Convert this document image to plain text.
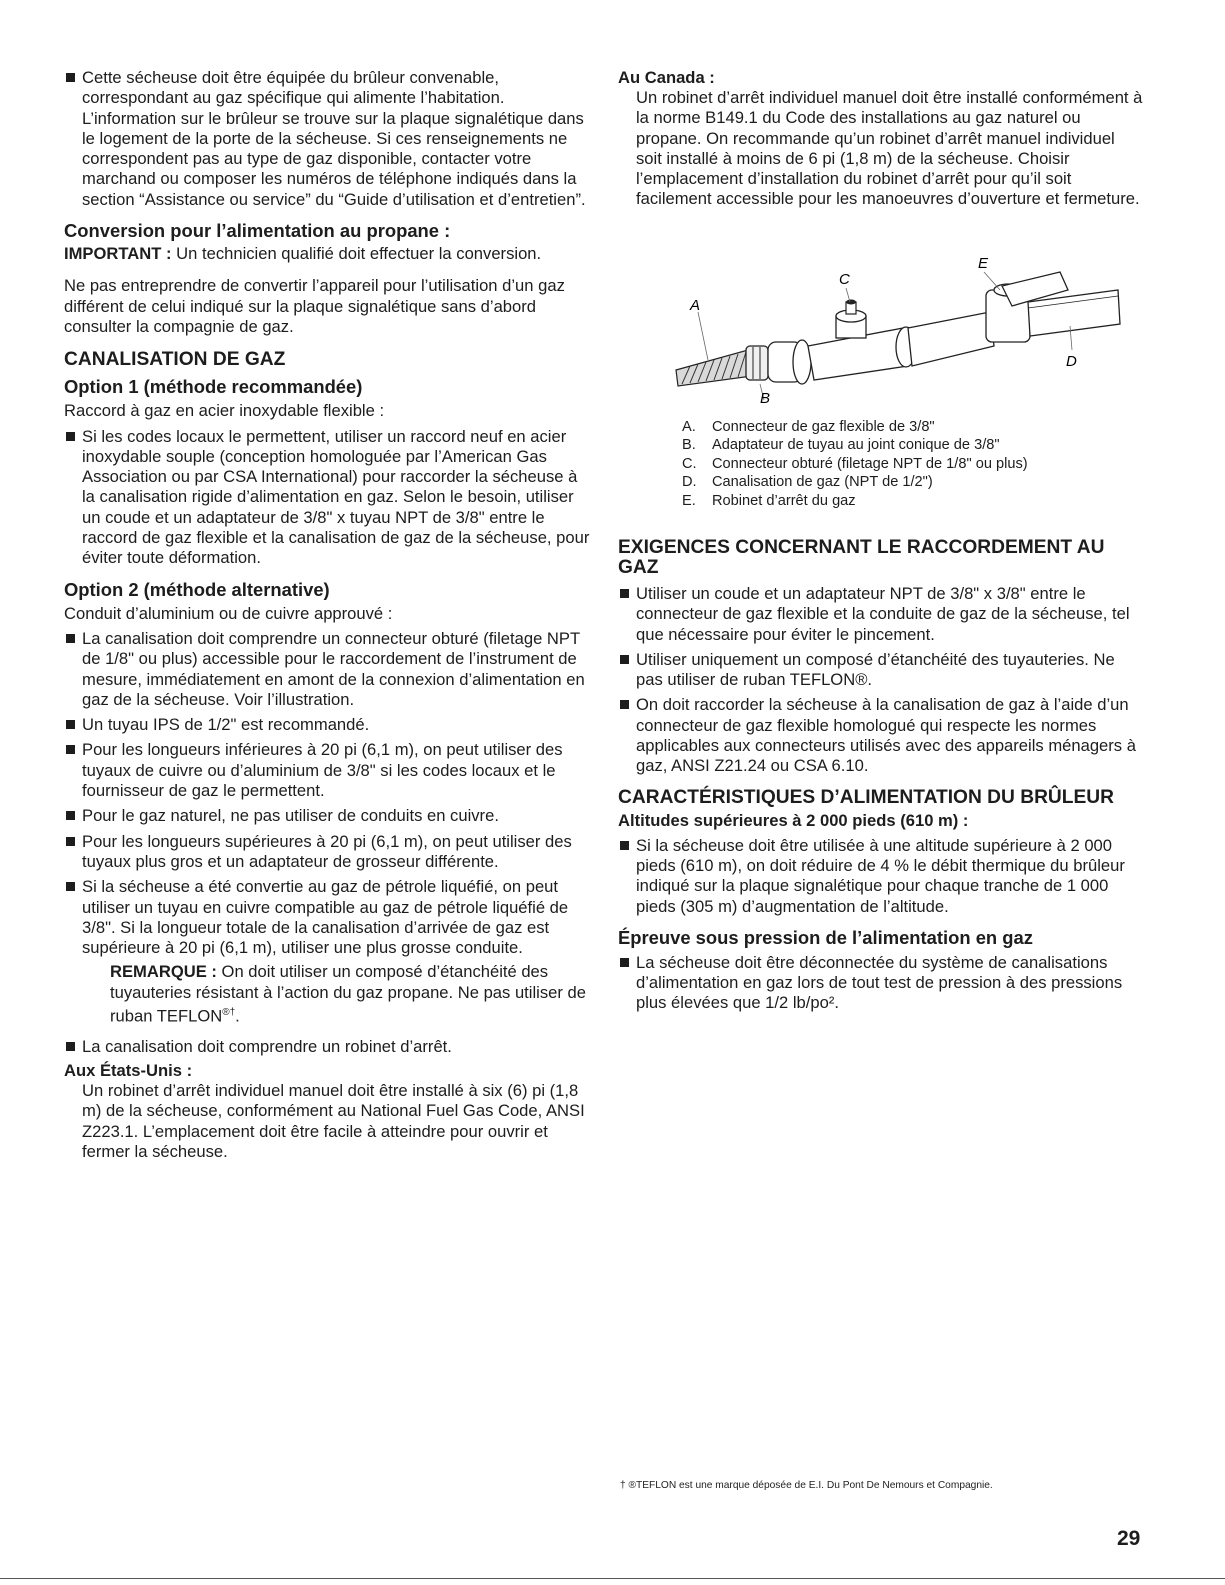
Cette sécheuse doit être équipée du brûleur convenable, correspondant au gaz spécifique qui alimente l’habitation. L’information sur le brûleur se trouve sur la plaque signalétique dans le logement de la porte de la sécheuse. Si ces renseignements ne correspondent pas au type de gaz disponible, contacter votre marchand ou composer les numéros de téléphone indiqués dans la section “Assistance ou service” du “Guide d’utilisation et d’entretien”.
Conversion pour l’alimentation au propane :

IMPORTANT : Un technicien qualifié doit effectuer la conversion.

Ne pas entreprendre de convertir l’appareil pour l’utilisation d’un gaz différent de celui indiqué sur la plaque signalétique sans d’abord consulter la compagnie de gaz.

CANALISATION DE GAZ
Option 1 (méthode recommandée)

Raccord à gaz en acier inoxydable flexible :

Si les codes locaux le permettent, utiliser un raccord neuf en acier inoxydable souple (conception homologuée par l’American Gas Association ou par CSA International) pour raccorder la sécheuse à la canalisation rigide d’alimentation en gaz. Selon le besoin, utiliser un coude et un adaptateur de 3/8" x tuyau NPT de 3/8" entre le raccord de gaz flexible et la canalisation de gaz de la sécheuse, pour éviter toute déformation.
Option 2 (méthode alternative)

Conduit d’aluminium ou de cuivre approuvé :

La canalisation doit comprendre un connecteur obturé (filetage NPT de 1/8" ou plus) accessible pour le raccordement de l’instrument de mesure, immédiatement en amont de la connexion d’alimentation en gaz de la sécheuse. Voir l’illustration.
Un tuyau IPS de 1/2" est recommandé.
Pour les longueurs inférieures à 20 pi (6,1 m), on peut utiliser des tuyaux de cuivre ou d’aluminium de 3/8" si les codes locaux et le fournisseur de gaz le permettent.
Pour le gaz naturel, ne pas utiliser de conduits en cuivre.
Pour les longueurs supérieures à 20 pi (6,1 m), on peut utiliser des tuyaux plus gros et un adaptateur de grosseur différente.
Si la sécheuse a été convertie au gaz de pétrole liquéfié, on peut utiliser un tuyau en cuivre compatible au gaz de pétrole liquéfié de 3/8". Si la longueur totale de la canalisation d’arrivée de gaz est supérieure à 20 pi (6,1 m), utiliser une plus grosse conduite.

REMARQUE : On doit utiliser un composé d’étanchéité des tuyauteries résistant à l’action du gaz propane. Ne pas utiliser de ruban TEFLON®†.

La canalisation doit comprendre un robinet d’arrêt.
Aux États-Unis :

Un robinet d’arrêt individuel manuel doit être installé à six (6) pi (1,8 m) de la sécheuse, conformément au National Fuel Gas Code, ANSI Z223.1. L’emplacement doit être facile à atteindre pour ouvrir et fermer la sécheuse.

Au Canada :

Un robinet d’arrêt individuel manuel doit être installé conformément à la norme B149.1 du Code des installations au gaz naturel ou propane. On recommande qu’un robinet d’arrêt manuel individuel soit installé à moins de 6 pi (1,8 m) de la sécheuse. Choisir l’emplacement d’installation du robinet d’arrêt pour qu’il soit facilement accessible pour les manoeuvres d’ouverture et fermeture.

A
C
E
B
D
A.	Connecteur de gaz flexible de 3/8"
B.	Adaptateur de tuyau au joint conique de 3/8"
C.	Connecteur obturé (filetage NPT de 1/8" ou plus)
D.	Canalisation de gaz (NPT de 1/2")
E.	Robinet d’arrêt du gaz
EXIGENCES CONCERNANT LE RACCORDEMENT AU GAZ
Utiliser un coude et un adaptateur NPT de 3/8" x 3/8" entre le connecteur de gaz flexible et la conduite de gaz de la sécheuse, tel que nécessaire pour éviter le pincement.
Utiliser uniquement un composé d’étanchéité des tuyauteries. Ne pas utiliser de ruban TEFLON®.
On doit raccorder la sécheuse à la canalisation de gaz à l’aide d’un connecteur de gaz flexible homologué qui respecte les normes applicables aux connecteurs utilisés avec des appareils ménagers à gaz, ANSI Z21.24 ou CSA 6.10.
CARACTÉRISTIQUES D’ALIMENTATION DU BRÛLEUR
Altitudes supérieures à 2 000 pieds (610 m) :
Si la sécheuse doit être utilisée à une altitude supérieure à 2 000 pieds (610 m), on doit réduire de 4 % le débit thermique du brûleur indiqué sur la plaque signalétique pour chaque tranche de 1 000 pieds (305 m) d’augmentation de l’altitude.
Épreuve sous pression de l’alimentation en gaz
La sécheuse doit être déconnectée du système de canalisations d’alimentation en gaz lors de tout test de pression à des pressions plus élevées que 1/2 lb/po².
† ®TEFLON est une marque déposée de E.I. Du Pont De Nemours et Compagnie.
29
